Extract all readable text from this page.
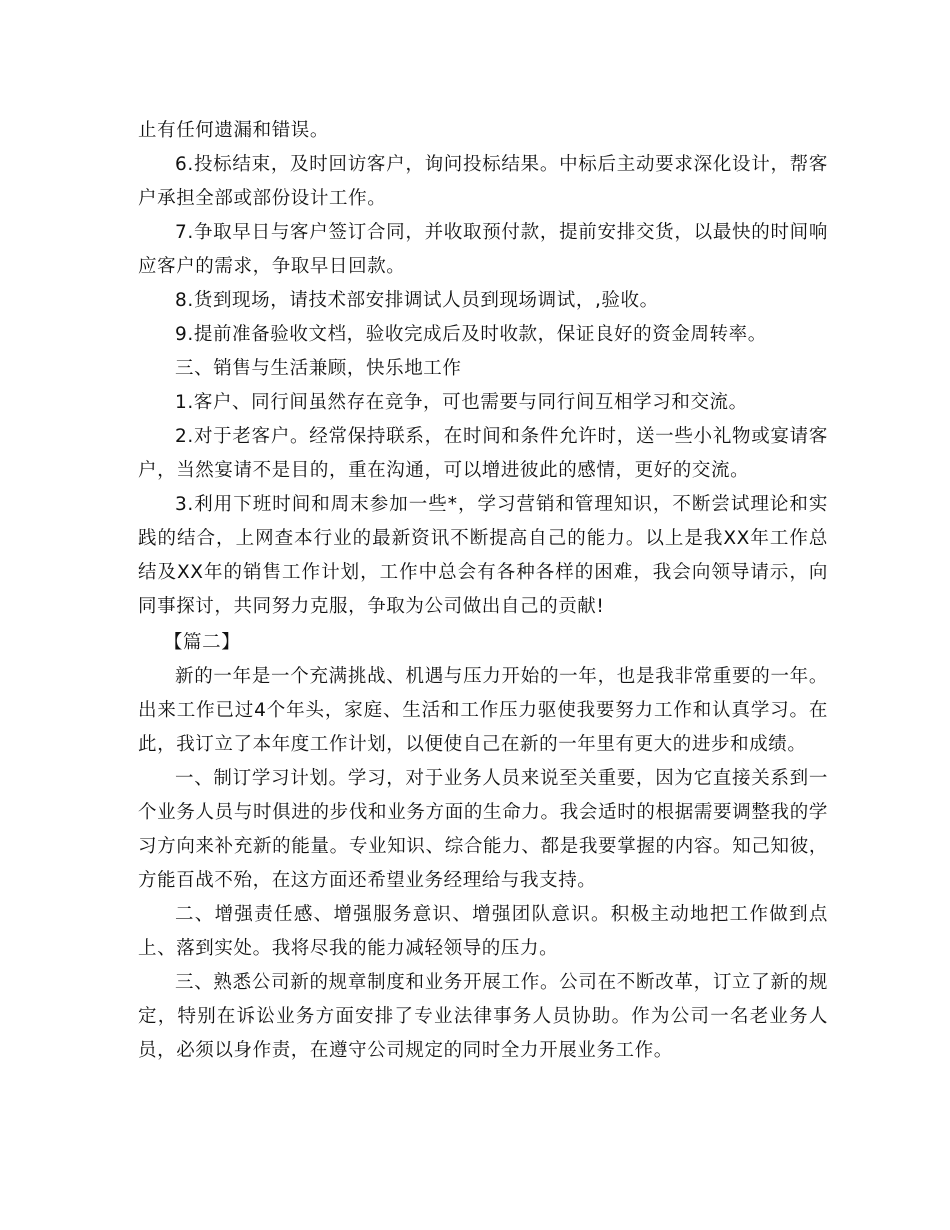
止有任何遗漏和错误。

6.投标结束，及时回访客户，询问投标结果。中标后主动要求深化设计，帮客户承担全部或部份设计工作。

7.争取早日与客户签订合同，并收取预付款，提前安排交货，以最快的时间响应客户的需求，争取早日回款。

8.货到现场，请技术部安排调试人员到现场调试，,验收。

9.提前准备验收文档，验收完成后及时收款，保证良好的资金周转率。

三、销售与生活兼顾，快乐地工作

1.客户、同行间虽然存在竞争，可也需要与同行间互相学习和交流。

2.对于老客户。经常保持联系，在时间和条件允许时，送一些小礼物或宴请客户，当然宴请不是目的，重在沟通，可以增进彼此的感情，更好的交流。

3.利用下班时间和周末参加一些*，学习营销和管理知识，不断尝试理论和实践的结合，上网查本行业的最新资讯不断提高自己的能力。以上是我XX年工作总结及XX年的销售工作计划，工作中总会有各种各样的困难，我会向领导请示，向同事探讨，共同努力克服，争取为公司做出自己的贡献!

【篇二】

新的一年是一个充满挑战、机遇与压力开始的一年，也是我非常重要的一年。出来工作已过4个年头，家庭、生活和工作压力驱使我要努力工作和认真学习。在此，我订立了本年度工作计划，以便使自己在新的一年里有更大的进步和成绩。

一、制订学习计划。学习，对于业务人员来说至关重要，因为它直接关系到一个业务人员与时俱进的步伐和业务方面的生命力。我会适时的根据需要调整我的学习方向来补充新的能量。专业知识、综合能力、都是我要掌握的内容。知己知彼，方能百战不殆，在这方面还希望业务经理给与我支持。

二、增强责任感、增强服务意识、增强团队意识。积极主动地把工作做到点上、落到实处。我将尽我的能力减轻领导的压力。

三、熟悉公司新的规章制度和业务开展工作。公司在不断改革，订立了新的规定，特别在诉讼业务方面安排了专业法律事务人员协助。作为公司一名老业务人员，必须以身作责，在遵守公司规定的同时全力开展业务工作。
